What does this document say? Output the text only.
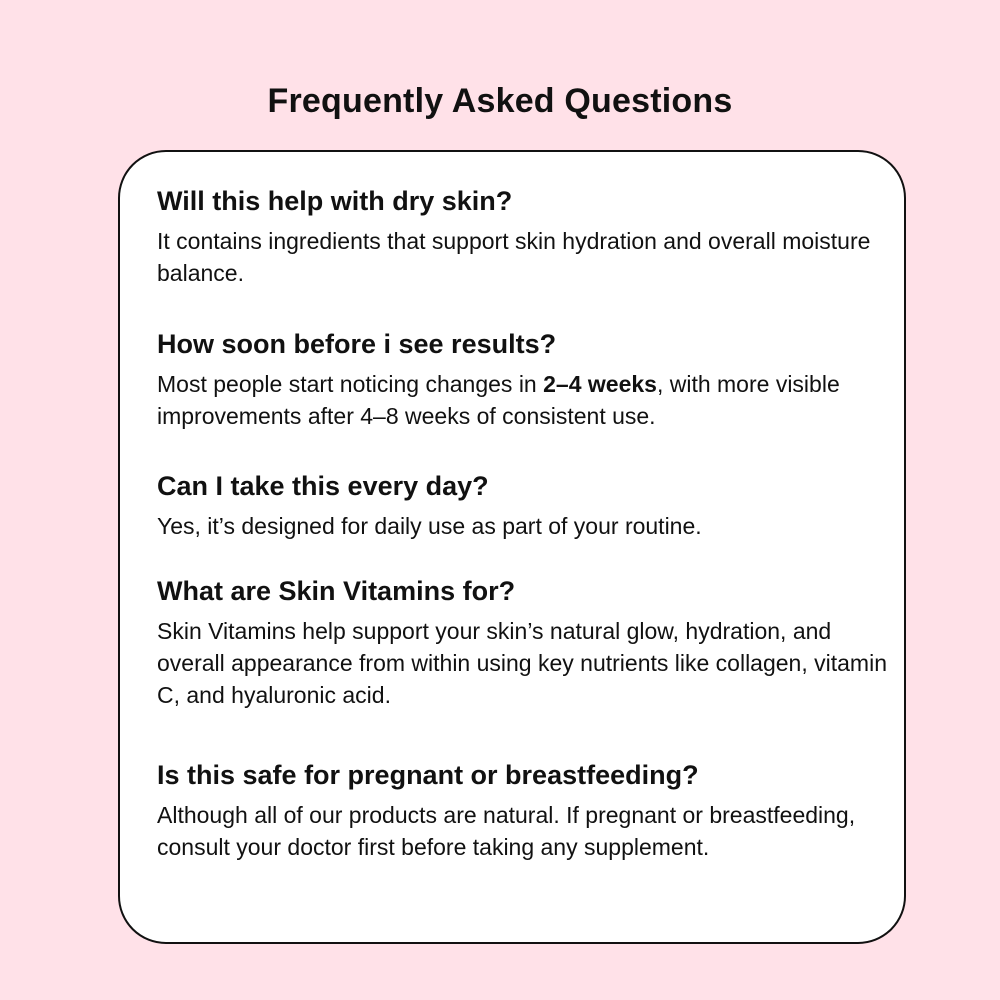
Frequently Asked Questions

Will this help with dry skin?

It contains ingredients that support skin hydration and overall moisture balance.

How soon before i see results?

Most people start noticing changes in 2–4 weeks, with more visible improvements after 4–8 weeks of consistent use.

Can I take this every day?

Yes, it’s designed for daily use as part of your routine.

What are Skin Vitamins for?

Skin Vitamins help support your skin’s natural glow, hydration, and overall appearance from within using key nutrients like collagen, vitamin C, and hyaluronic acid.

Is this safe for pregnant or breastfeeding?

Although all of our products are natural. If pregnant or breastfeeding, consult your doctor first before taking any supplement.
